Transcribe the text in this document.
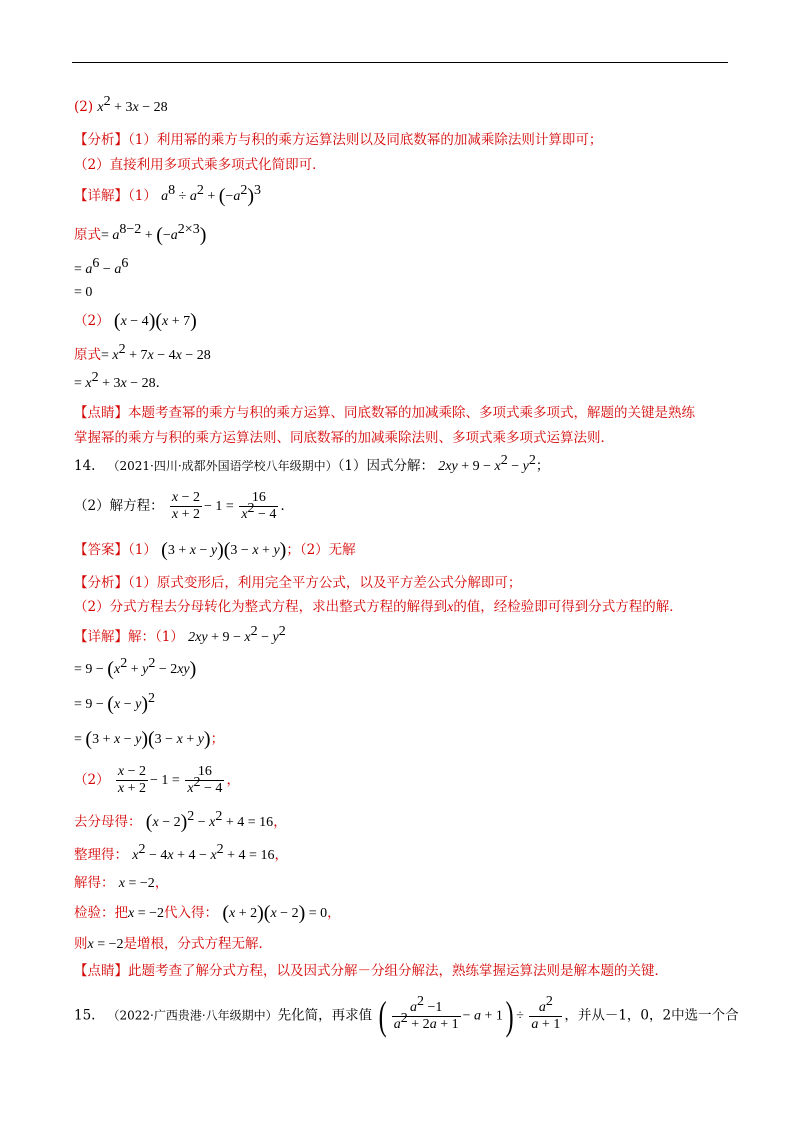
(2) $x^2 + 3x - 28$
【分析】（1）利用幂的乘方与积的乘方运算法则以及同底数幂的加减乘除法则计算即可；
（2）直接利用多项式乘多项式化简即可．
【详解】（1） $a^8 \div a^2 + (-a^2)^3$
原式= $a^{8-2} + (-a^{2\times 3})$
= $a^6 - a^6$
= 0
（2） (x − 4)(x + 7)
原式= $x^2 + 7x - 4x - 28$
= $x^2 + 3x - 28$．
【点睛】本题考查幂的乘方与积的乘方运算、同底数幂的加减乘除、多项式乘多项式，解题的关键是熟练
掌握幂的乘方与积的乘方运算法则、同底数幂的加减乘除法则、多项式乘多项式运算法则．
14. （2021·四川·成都外国语学校八年级期中）（1）因式分解： $2xy + 9 - x^2 - y^2$；
（2）解方程： $\frac{x - 2}{x + 2} - 1 = \frac{16}{x^2 - 4}$ ．
【答案】（1） (3 + x − y)(3 − x + y)；（2）无解
【分析】（1）原式变形后，利用完全平方公式，以及平方差公式分解即可；
（2）分式方程去分母转化为整式方程，求出整式方程的解得到x的值，经检验即可得到分式方程的解．
【详解】解：（1） $2xy + 9 - x^2 - y^2$
= $9 - (x^2 + y^2 - 2xy)$
= $9 - (x - y)^2$
= (3 + x − y)(3 − x + y)；
$(2) \frac{x - 2}{x + 2} - 1 = \frac{16}{x^2 - 4}$ ，
去分母得： $(x - 2)^2 - x^2 + 4 = 16$，
整理得： $x^2 - 4x + 4 - x^2 + 4 = 16$，
解得： x = −2，
检验：把x = −2代入得： (x + 2)(x − 2) = 0，
则x = −2是增根，分式方程无解．
【点睛】此题考查了解分式方程，以及因式分解－分组分解法，熟练掌握运算法则是解本题的关键．
15. （2022·广西贵港·八年级期中）先化简，再求值 ( $\frac{a^2 -1}{a^2 + 2a + 1} - a + 1) \div \frac{a^2}{a + 1}$ ，并从－1，0，2中选一个合
